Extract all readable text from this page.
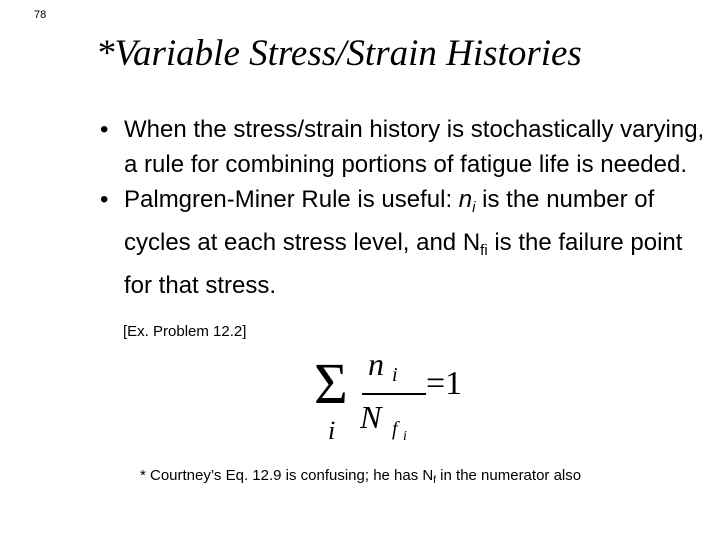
78
*Variable Stress/Strain Histories
• When the stress/strain history is stochastically varying, a rule for combining portions of fatigue life is needed.
• Palmgren-Miner Rule is useful: $n_i$ is the number of cycles at each stress level, and $N_{fi}$ is the failure point for that stress.
[Ex. Problem 12.2]
Σ
i
n i
N f i
=1
* Courtney’s Eq. 12.9 is confusing; he has $N_f$ in the numerator also
